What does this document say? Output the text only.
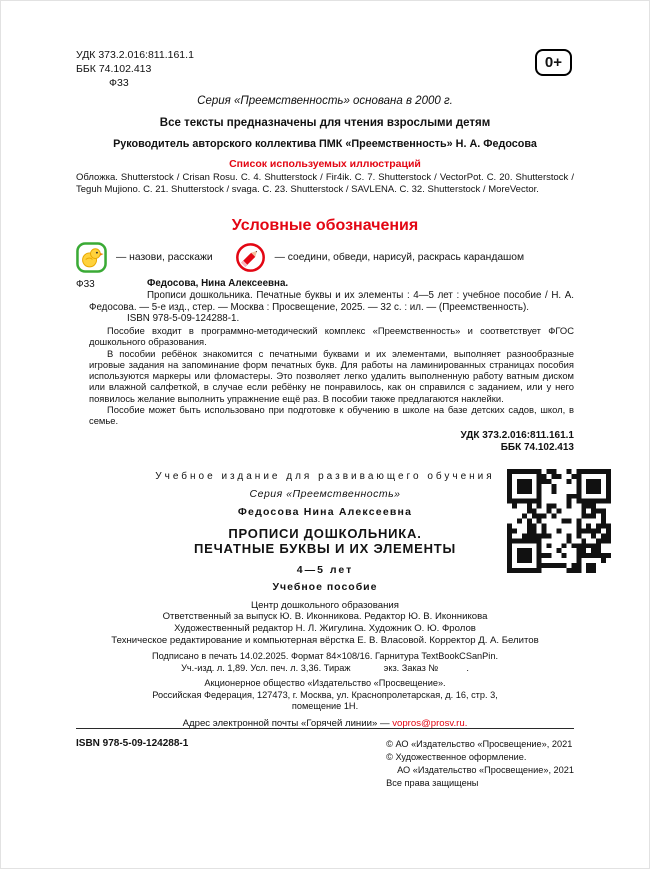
УДК 373.2.016:811.161.1
ББК 74.102.413
Ф33
0+
Серия «Преемственность» основана в 2000 г.
Все тексты предназначены для чтения взрослыми детям
Руководитель авторского коллектива ПМК «Преемственность» Н. А. Федосова
Список используемых иллюстраций
Обложка. Shutterstock / Crisan Rosu. С. 4. Shutterstock / Fir4ik. С. 7. Shutterstock / VectorPot. С. 20. Shutterstock / Teguh Mujiono. С. 21. Shutterstock / svaga. С. 23. Shutterstock / SAVLENA. С. 32. Shutterstock / MoreVector.
Условные обозначения
— назови, расскажи	— соедини, обведи, нарисуй, раскрась карандашом
Ф33	Федосова, Нина Алексеевна.
Прописи дошкольника. Печатные буквы и их элементы : 4—5 лет : учебное пособие / Н. А. Федосова. — 5-е изд., стер. — Москва : Просвещение, 2025. — 32 с. : ил. — (Преемственность).
ISBN 978-5-09-124288-1.

Пособие входит в программно-методический комплекс «Преемственность» и соответствует ФГОС дошкольного образования.

В пособии ребёнок знакомится с печатными буквами и их элементами, выполняет разнообразные игровые задания на запоминание форм печатных букв. Для работы на ламинированных страницах пособия используются маркеры или фломастеры. Это позволяет легко удалить выполненную работу ватным диском или влажной салфеткой, в случае если ребёнку не понравилось, как он справился с заданием, или у него появилось желание выполнить упражнение ещё раз. В пособии также предлагаются наклейки.

Пособие может быть использовано при подготовке к обучению в школе на базе детских садов, школ, в семье.

УДК 373.2.016:811.161.1
ББК 74.102.413
Учебное издание для развивающего обучения
Серия «Преемственность»
Федосова Нина Алексеевна
ПРОПИСИ ДОШКОЛЬНИКА.
ПЕЧАТНЫЕ БУКВЫ И ИХ ЭЛЕМЕНТЫ
4—5 лет
Учебное пособие
Центр дошкольного образования
Ответственный за выпуск Ю. В. Иконникова. Редактор Ю. В. Иконникова
Художественный редактор Н. Л. Жигулина. Художник О. Ю. Фролов
Техническое редактирование и компьютерная вёрстка Е. В. Власовой. Корректор Д. А. Белитов
Подписано в печать 14.02.2025. Формат 84×108/16. Гарнитура TextBookCSanPin.
Уч.-изд. л. 1,89. Усл. печ. л. 3,36. Тираж             экз. Заказ №           .
Акционерное общество «Издательство «Просвещение».
Российская Федерация, 127473, г. Москва, ул. Краснопролетарская, д. 16, стр. 3,
помещение 1Н.
Адрес электронной почты «Горячей линии» — vopros@prosv.ru.
ISBN 978-5-09-124288-1	© АО «Издательство «Просвещение», 2021
© Художественное оформление.
АО «Издательство «Просвещение», 2021
Все права защищены
